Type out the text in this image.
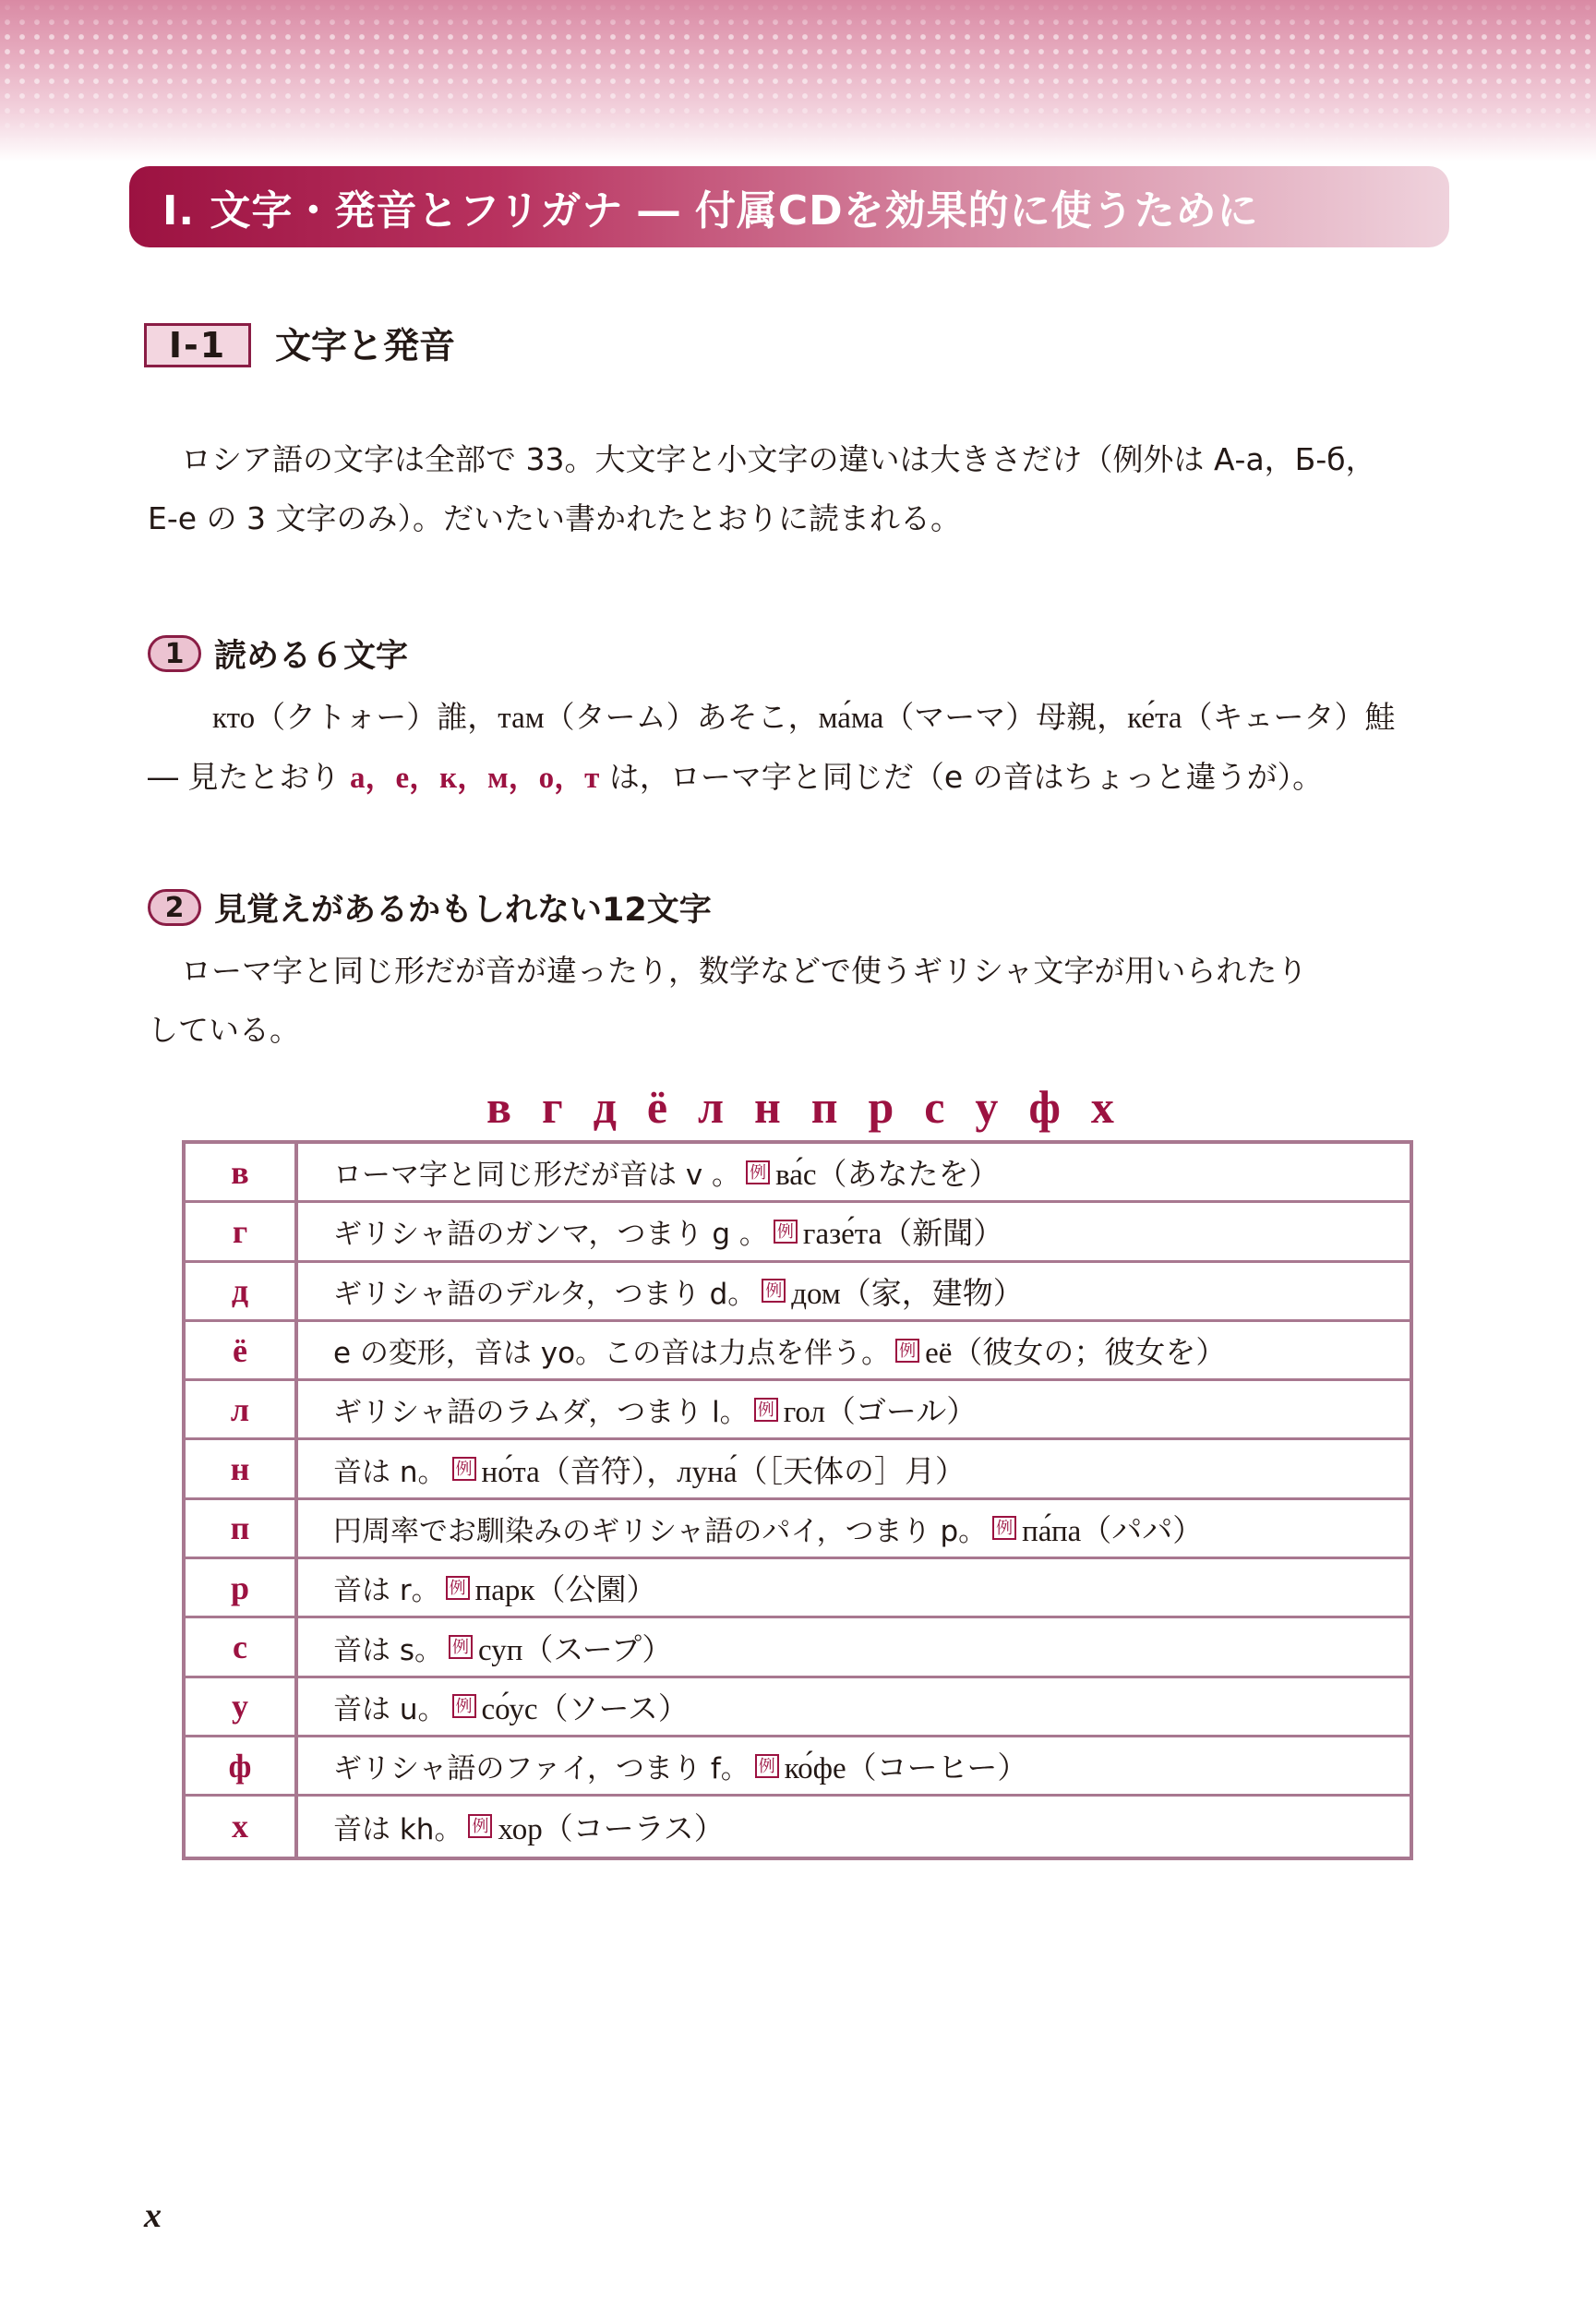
Ⅰ. 文字・発音とフリガナ ― 付属CDを効果的に使うために
Ⅰ-1 文字と発音
ロシア語の文字は全部で 33。大文字と小文字の違いは大きさだけ（例外は Α-а，Б-б，
Е-е の 3 文字のみ）。だいたい書かれたとおりに読まれる。
1 読める６文字
кто（クトォー）誰，там（ターム）あそこ，ма́ма（マーマ）母親，ке́та（キェータ）鮭
― 見たとおり а，е，к，м，о，т は，ローマ字と同じだ（е の音はちょっと違うが）。
2 見覚えがあるかもしれない12文字
ローマ字と同じ形だが音が違ったり，数学などで使うギリシャ文字が用いられたり
している。
в г д ё л н п р с у ф х
в	ローマ字と同じ形だが音は v 。 例 ва́с（あなたを）
г	ギリシャ語のガンマ，つまり g 。 例 газе́та（新聞）
д	ギリシャ語のデルタ，つまり d。 例 дом（家，建物）
ё	е の変形，音は yo。この音は力点を伴う。 例 её（彼女の；彼女を）
л	ギリシャ語のラムダ，つまり l。 例 гол（ゴール）
н	音は n。 例 но́та（音符），луна́（［天体の］月）
п	円周率でお馴染みのギリシャ語のパイ，つまり p。 例 па́па（パパ）
р	音は r。 例 парк（公園）
с	音は s。 例 суп（スープ）
у	音は u。 例 со́ус（ソース）
ф	ギリシャ語のファイ，つまり f。 例 ко́фе（コーヒー）
х	音は kh。 例 хор（コーラス）
x
